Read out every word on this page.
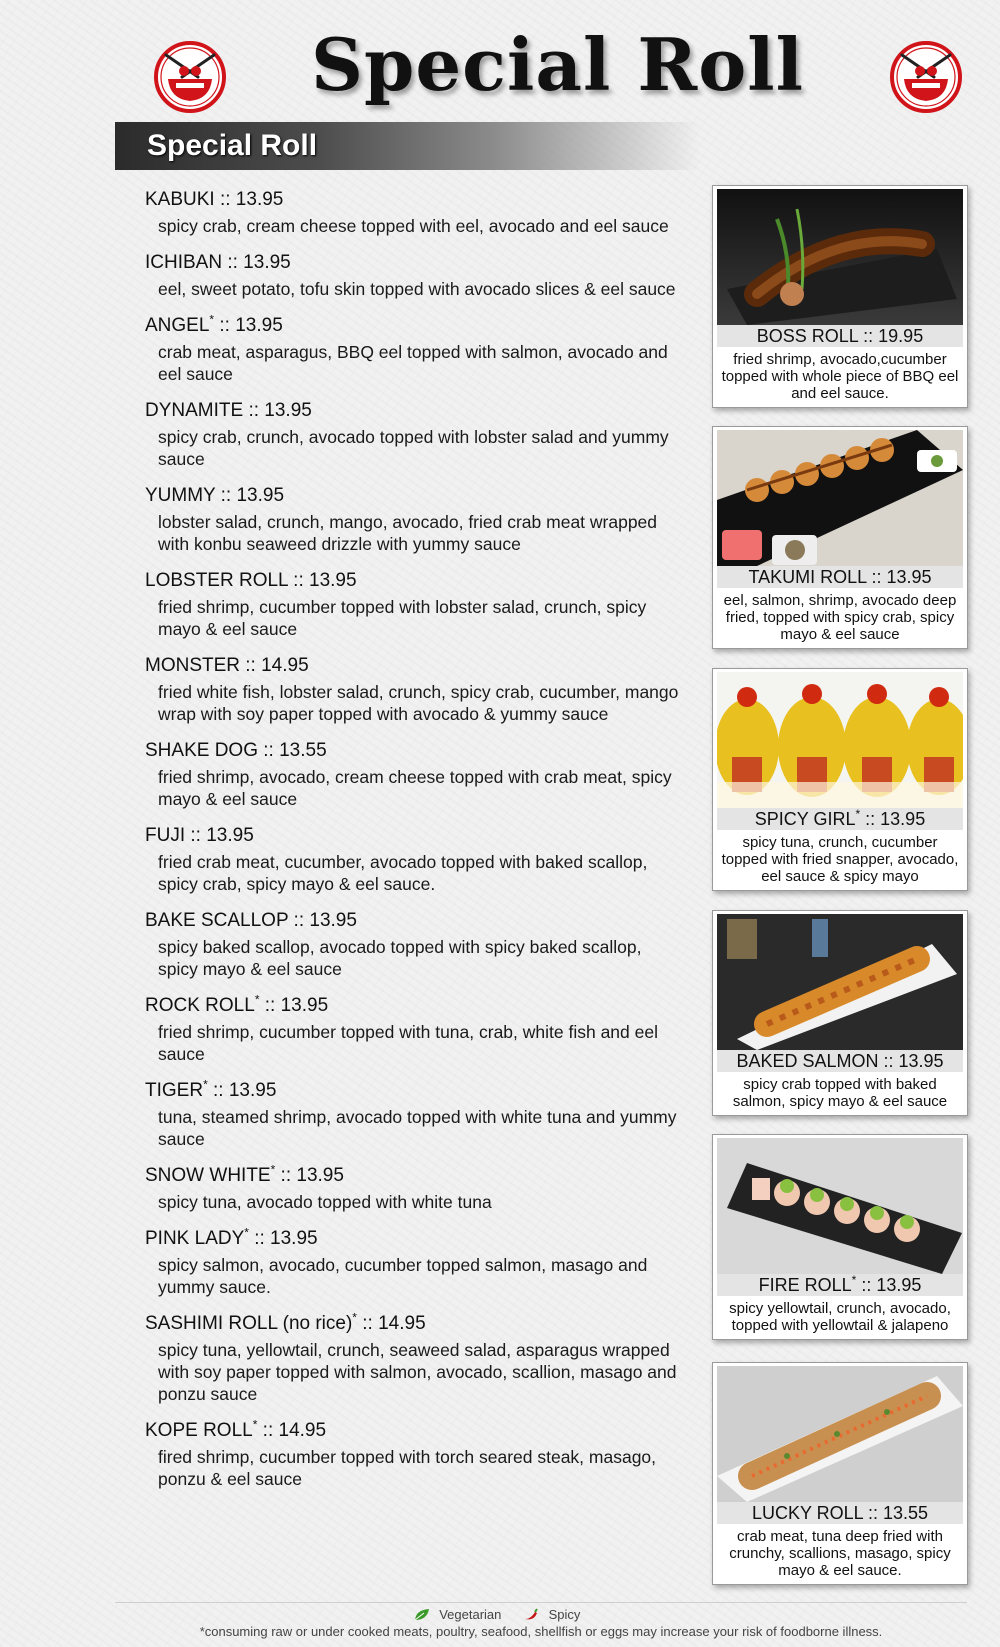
Special Roll
Special Roll
KABUKI :: 13.95
spicy crab, cream cheese topped with eel, avocado and eel sauce
ICHIBAN :: 13.95
eel, sweet potato, tofu skin topped with avocado slices & eel sauce
ANGEL* :: 13.95
crab meat, asparagus, BBQ eel topped with salmon, avocado and eel sauce
DYNAMITE :: 13.95
spicy crab, crunch, avocado topped with lobster salad and yummy sauce
YUMMY :: 13.95
lobster salad, crunch, mango, avocado, fried crab meat wrapped with konbu seaweed drizzle with yummy sauce
LOBSTER ROLL :: 13.95
fried shrimp, cucumber topped with lobster salad, crunch, spicy mayo & eel sauce
MONSTER :: 14.95
fried white fish, lobster salad, crunch, spicy crab, cucumber, mango wrap with soy paper topped with avocado & yummy sauce
SHAKE DOG :: 13.55
fried shrimp, avocado, cream cheese topped with crab meat, spicy mayo & eel sauce
FUJI :: 13.95
fried crab meat, cucumber, avocado topped with baked scallop, spicy crab, spicy mayo & eel sauce.
BAKE SCALLOP :: 13.95
spicy baked scallop, avocado topped with spicy baked scallop, spicy mayo & eel sauce
ROCK ROLL* :: 13.95
fried shrimp, cucumber topped with tuna, crab, white fish and eel sauce
TIGER* :: 13.95
tuna, steamed shrimp, avocado topped with white tuna and yummy sauce
SNOW WHITE* :: 13.95
spicy tuna, avocado topped with white tuna
PINK LADY* :: 13.95
spicy salmon, avocado, cucumber topped salmon, masago and yummy sauce.
SASHIMI ROLL (no rice)* :: 14.95
spicy tuna, yellowtail, crunch, seaweed salad, asparagus wrapped with soy paper topped with salmon, avocado, scallion, masago and ponzu sauce
KOPE ROLL* :: 14.95
fired shrimp, cucumber topped with torch seared steak, masago, ponzu & eel sauce
BOSS ROLL :: 19.95
fried shrimp, avocado,cucumber topped with whole piece of BBQ eel and eel sauce.
TAKUMI ROLL :: 13.95
eel, salmon, shrimp, avocado deep fried, topped with spicy crab, spicy mayo & eel sauce
SPICY GIRL* :: 13.95
spicy tuna, crunch, cucumber topped with fried snapper, avocado, eel sauce & spicy mayo
BAKED SALMON :: 13.95
spicy crab topped with baked salmon, spicy mayo & eel sauce
FIRE ROLL* :: 13.95
spicy yellowtail, crunch, avocado, topped with yellowtail & jalapeno
LUCKY ROLL :: 13.55
crab meat, tuna deep fried with crunchy, scallions, masago, spicy mayo & eel sauce.
Vegetarian	Spicy
*consuming raw or under cooked meats, poultry, seafood, shellfish or eggs may increase your risk of foodborne illness.
